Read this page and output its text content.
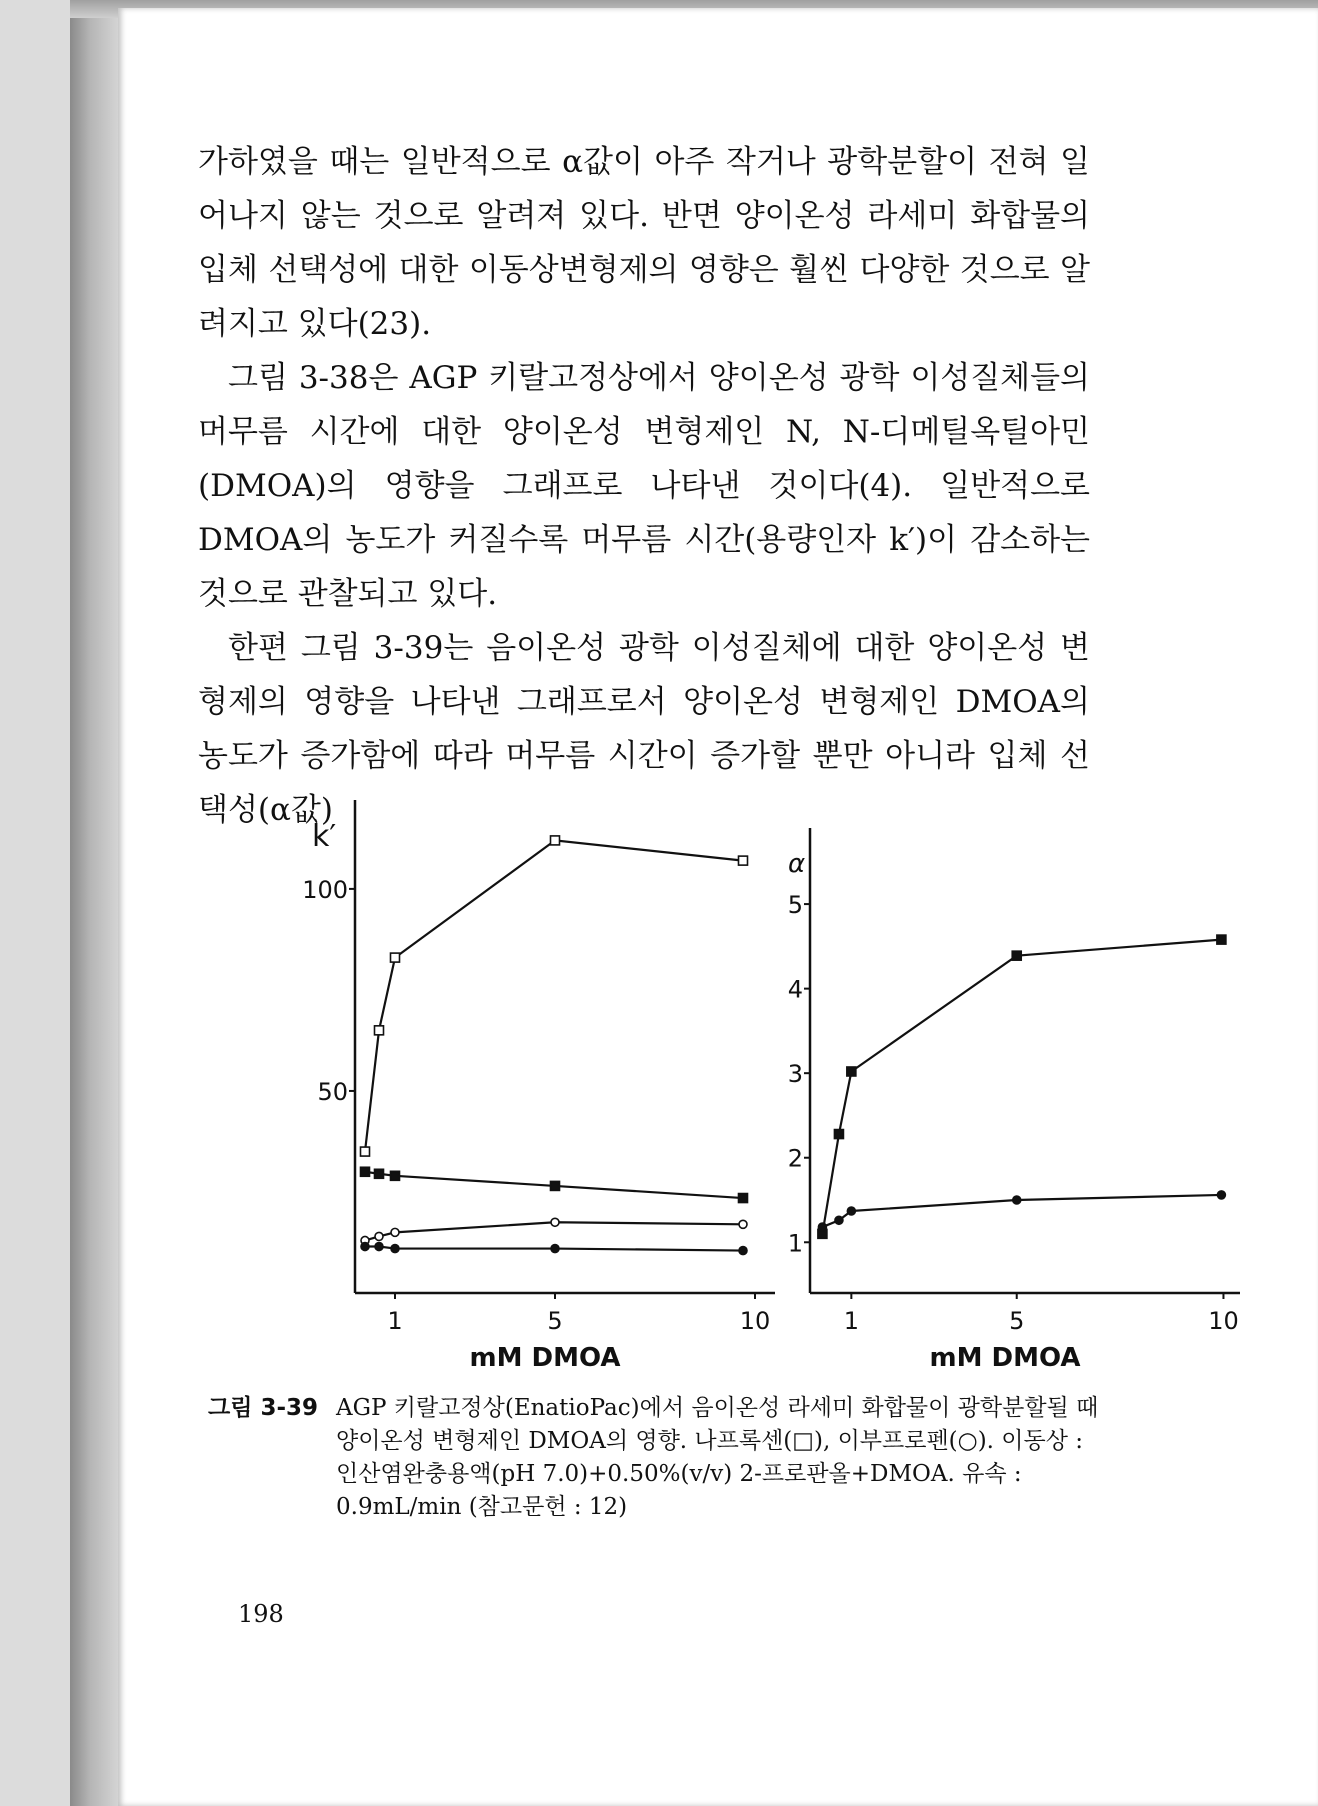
가하였을 때는 일반적으로 α값이 아주 작거나 광학분할이 전혀 일어나지 않는 것으로 알려져 있다. 반면 양이온성 라세미 화합물의 입체 선택성에 대한 이동상변형제의 영향은 훨씬 다양한 것으로 알려지고 있다(23).

그림 3-38은 AGP 키랄고정상에서 양이온성 광학 이성질체들의 머무름 시간에 대한 양이온성 변형제인 N, N-디메틸옥틸아민(DMOA)의 영향을 그래프로 나타낸 것이다(4). 일반적으로 DMOA의 농도가 커질수록 머무름 시간(용량인자 k′)이 감소하는 것으로 관찰되고 있다.

한편 그림 3-39는 음이온성 광학 이성질체에 대한 양이온성 변형제의 영향을 나타낸 그래프로서 양이온성 변형제인 DMOA의 농도가 증가함에 따라 머무름 시간이 증가할 뿐만 아니라 입체 선택성(α값)

k′
mM DMOA
1	5	10
50
100
α
mM DMOA
1	5	10
1
2
3
4
5
그림 3-39 AGP 키랄고정상(EnatioPac)에서 음이온성 라세미 화합물이 광학분할될 때 양이온성 변형제인 DMOA의 영향. 나프록센(□), 이부프로펜(○). 이동상 : 인산염완충용액(pH 7.0)+0.50%(v/v) 2-프로판올+DMOA. 유속 : 0.9mL/min (참고문헌 : 12)
198
